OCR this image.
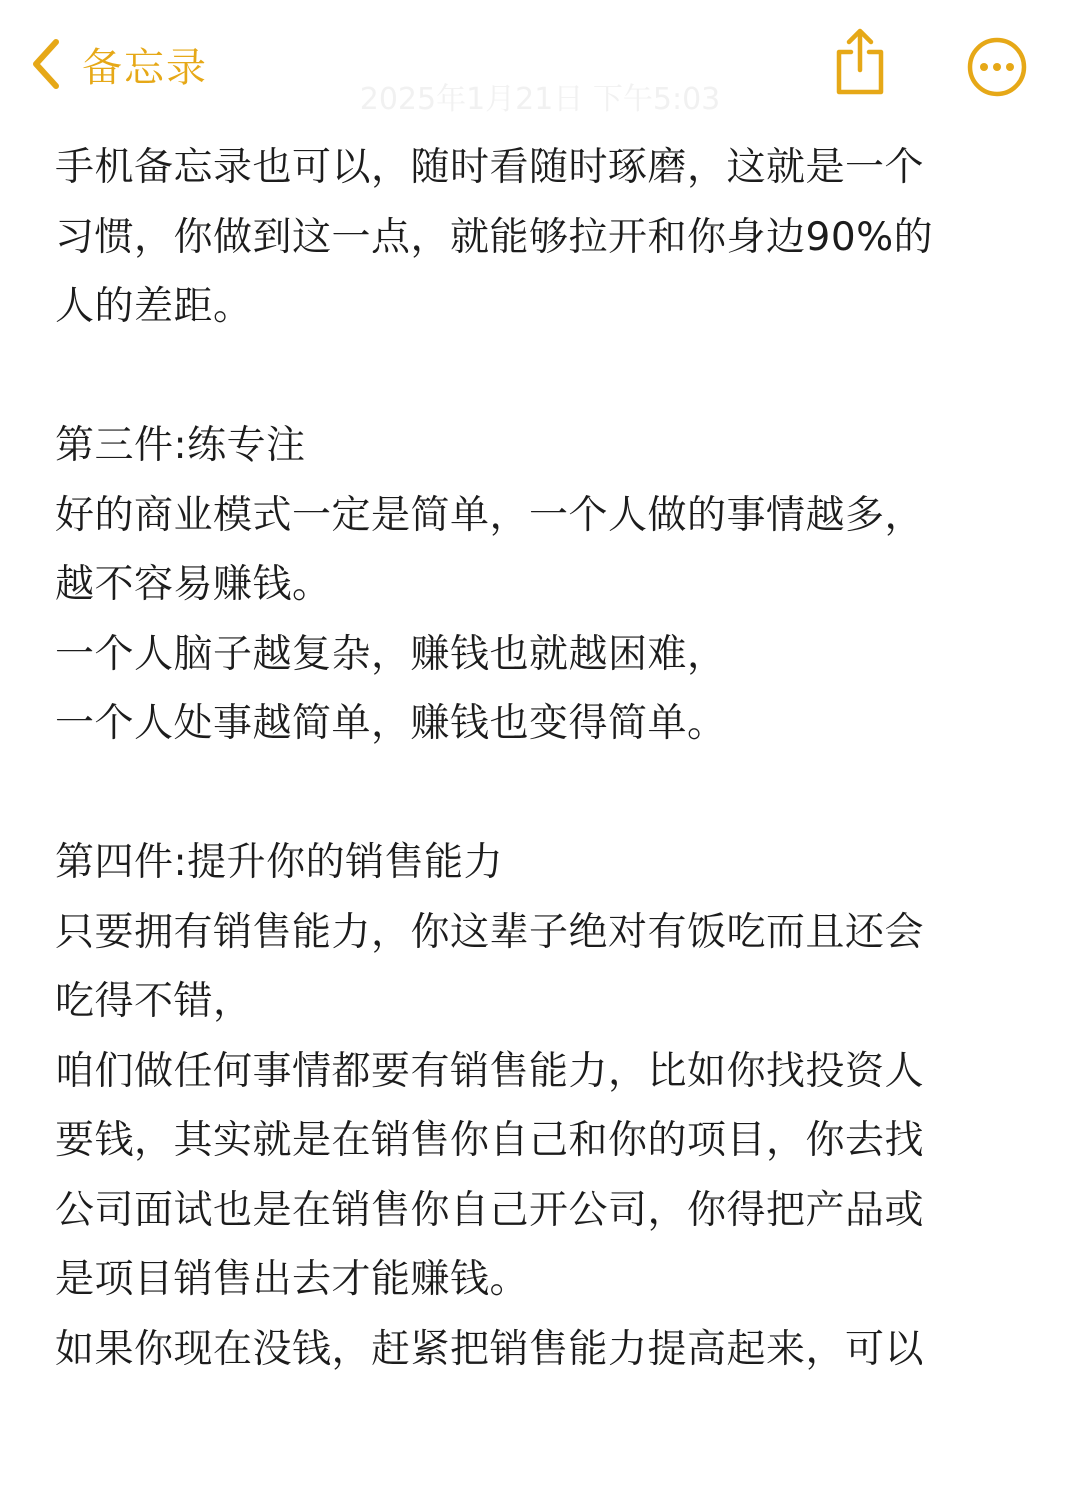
备忘录
2025年1月21日 下午5:03
手机备忘录也可以，随时看随时琢磨，这就是一个
习惯，你做到这一点，就能够拉开和你身边90%的
人的差距。
第三件:练专注
好的商业模式一定是简单，一个人做的事情越多，
越不容易赚钱。
一个人脑子越复杂，赚钱也就越困难，
一个人处事越简单，赚钱也变得简单。
第四件:提升你的销售能力
只要拥有销售能力，你这辈子绝对有饭吃而且还会
吃得不错，
咱们做任何事情都要有销售能力，比如你找投资人
要钱，其实就是在销售你自己和你的项目，你去找
公司面试也是在销售你自己开公司，你得把产品或
是项目销售出去才能赚钱。
如果你现在没钱，赶紧把销售能力提高起来，可以
